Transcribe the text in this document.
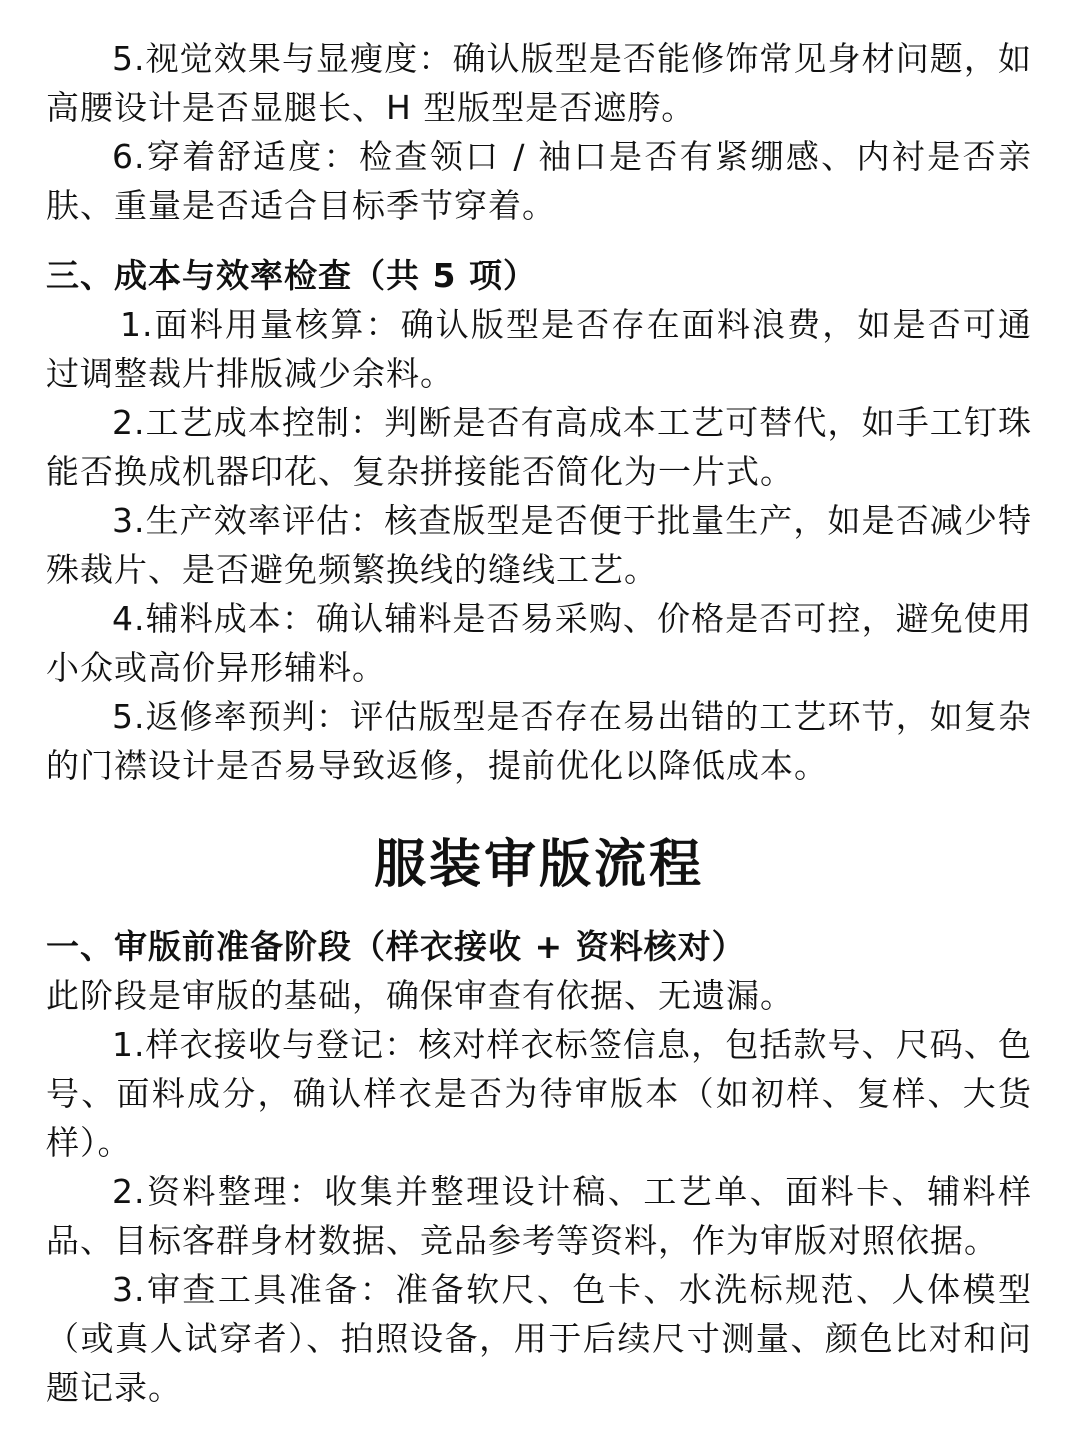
5.视觉效果与显瘦度：确认版型是否能修饰常见身材问题，如高腰设计是否显腿长、H 型版型是否遮胯。

6.穿着舒适度：检查领口 / 袖口是否有紧绷感、内衬是否亲肤、重量是否适合目标季节穿着。

三、成本与效率检查（共 5 项）

1.面料用量核算：确认版型是否存在面料浪费，如是否可通过调整裁片排版减少余料。

2.工艺成本控制：判断是否有高成本工艺可替代，如手工钉珠能否换成机器印花、复杂拼接能否简化为一片式。

3.生产效率评估：核查版型是否便于批量生产，如是否减少特殊裁片、是否避免频繁换线的缝线工艺。

4.辅料成本：确认辅料是否易采购、价格是否可控，避免使用小众或高价异形辅料。

5.返修率预判：评估版型是否存在易出错的工艺环节，如复杂的门襟设计是否易导致返修，提前优化以降低成本。

服装审版流程
一、审版前准备阶段（样衣接收 + 资料核对）

此阶段是审版的基础，确保审查有依据、无遗漏。

1.样衣接收与登记：核对样衣标签信息，包括款号、尺码、色号、面料成分，确认样衣是否为待审版本（如初样、复样、大货样）。

2.资料整理：收集并整理设计稿、工艺单、面料卡、辅料样品、目标客群身材数据、竞品参考等资料，作为审版对照依据。

3.审查工具准备：准备软尺、色卡、水洗标规范、人体模型（或真人试穿者）、拍照设备，用于后续尺寸测量、颜色比对和问题记录。
